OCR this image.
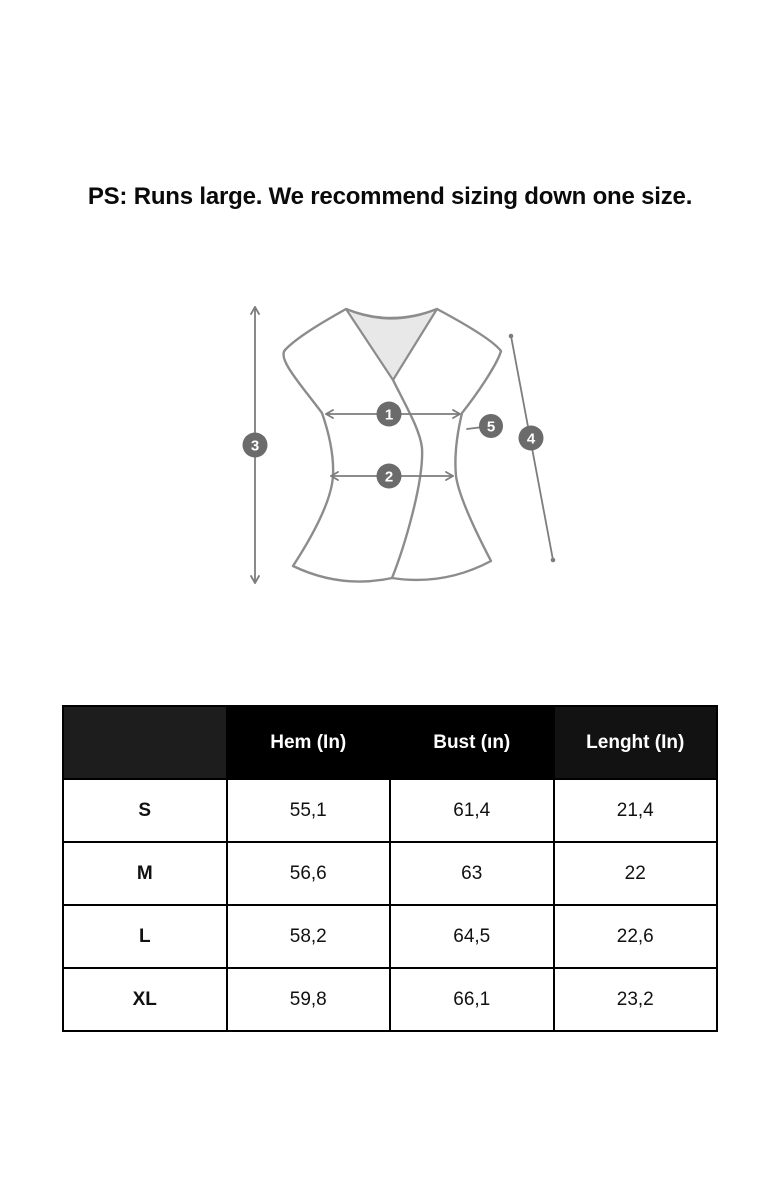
PS: Runs large. We recommend sizing down one size.
1
2
3	4
5
	Hem (In)	Bust (ın)	Lenght (In)
S	55,1	61,4	21,4
M	56,6	63	22
L	58,2	64,5	22,6
XL	59,8	66,1	23,2
